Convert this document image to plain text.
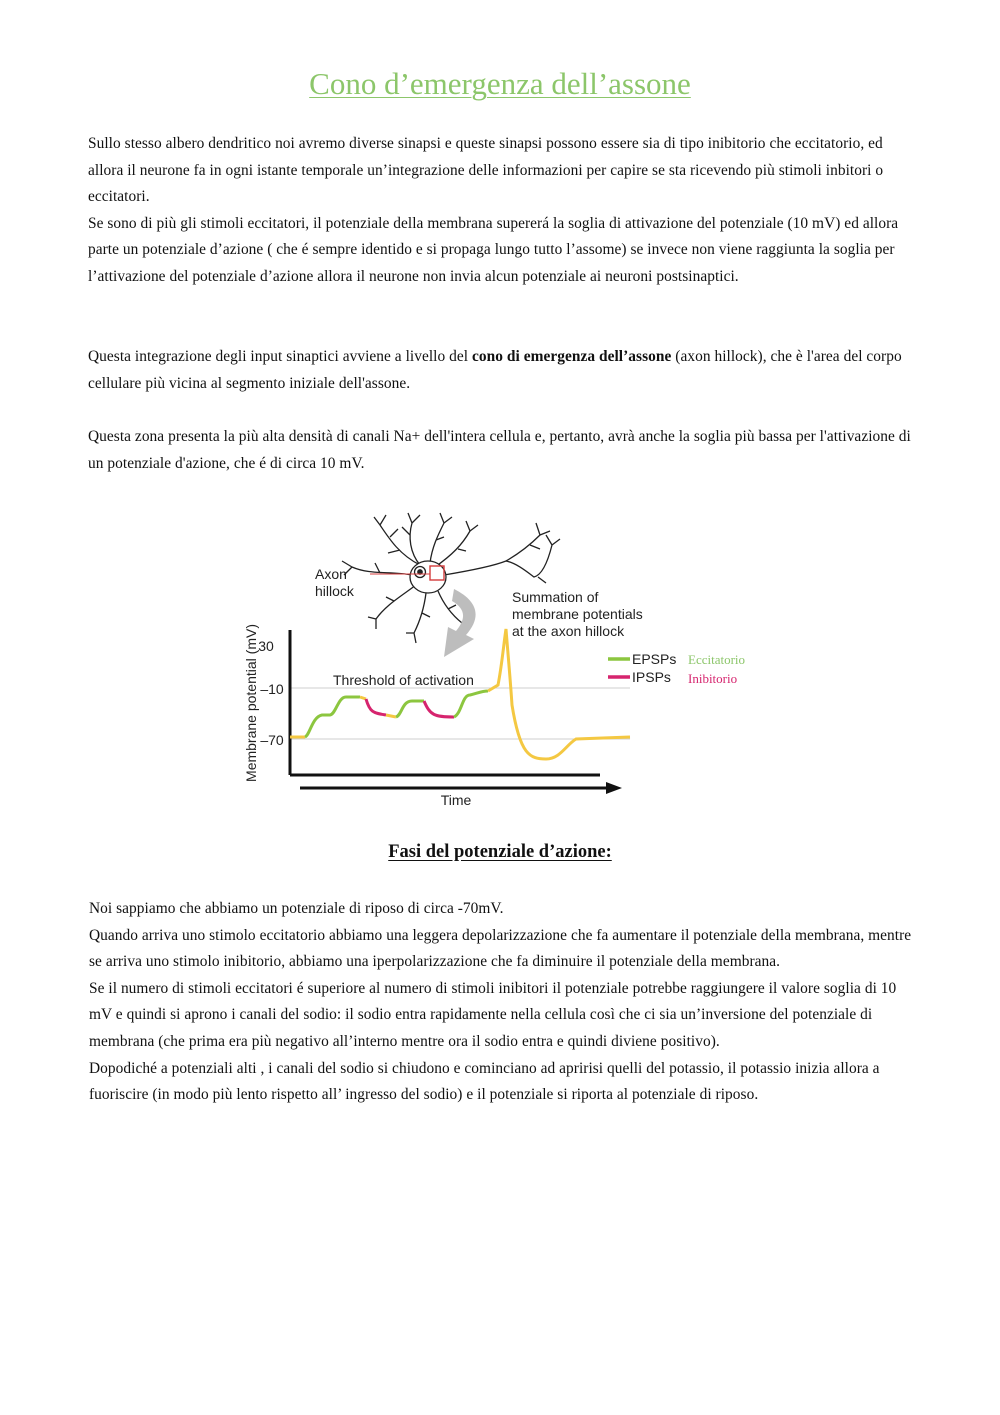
Cono d’emergenza dell’assone

Sullo stesso albero dendritico noi avremo diverse sinapsi e queste sinapsi possono essere sia di tipo inibitorio che eccitatorio, ed allora il neurone fa in ogni istante temporale un’integrazione delle informazioni per capire se sta ricevendo più stimoli inbitori o eccitatori.

Se sono di più gli stimoli eccitatori, il potenziale della membrana supererá la soglia di attivazione del potenziale (10 mV) ed allora parte un potenziale d’azione ( che é sempre identido e si propaga lungo tutto l’assome) se invece non viene raggiunta la soglia per l’attivazione del potenziale d’azione allora il neurone non invia alcun potenziale ai neuroni postsinaptici.

Questa integrazione degli input sinaptici avviene a livello del cono di emergenza dell’assone (axon hillock), che è l'area del corpo cellulare più vicina al segmento iniziale dell'assone.

Questa zona presenta la più alta densità di canali Na+ dell'intera cellula e, pertanto, avrà anche la soglia più bassa per l'attivazione di un potenziale d'azione, che é di circa 10 mV.

Axon
hillock	Summation of
membrane potentials
at the axon hillock
30
–10
–70
Membrane potential (mV)
Time
Threshold of activation
EPSPs Eccitatorio
IPSPs Inibitorio
Fasi del potenziale d’azione:

Noi sappiamo che abbiamo un potenziale di riposo di circa -70mV.

Quando arriva uno stimolo eccitatorio abbiamo una leggera depolarizzazione che fa aumentare il potenziale della membrana, mentre se arriva uno stimolo inibitorio, abbiamo una iperpolarizzazione che fa diminuire il potenziale della membrana.

Se il numero di stimoli eccitatori é superiore al numero di stimoli inibitori il potenziale potrebbe raggiungere il valore soglia di 10 mV e quindi si aprono i canali del sodio: il sodio entra rapidamente nella cellula così che ci sia un’inversione del potenziale di membrana (che prima era più negativo all’interno mentre ora il sodio entra e quindi diviene positivo).

Dopodiché a potenziali alti , i canali del sodio si chiudono e cominciano ad apririsi quelli del potassio, il potassio inizia allora a fuoriscire (in modo più lento rispetto all’ ingresso del sodio) e il potenziale si riporta al potenziale di riposo.
